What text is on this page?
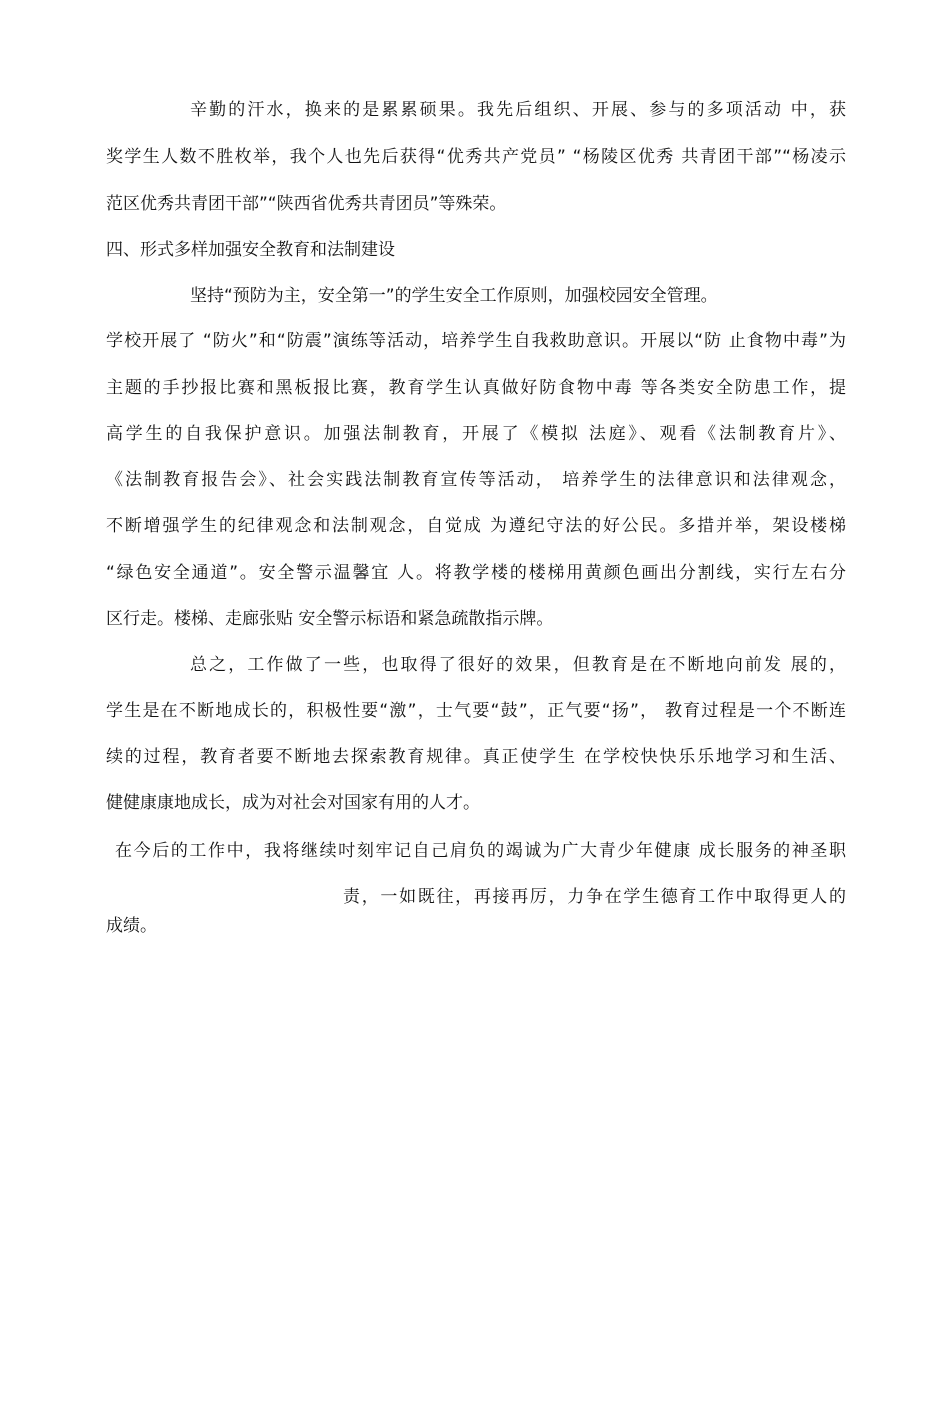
辛勤的汗水，换来的是累累硕果。我先后组织、开展、参与的多项活动 中，获
奖学生人数不胜枚举，我个人也先后获得“优秀共产党员” “杨陵区优秀 共青团干部”“杨凌示
范区优秀共青团干部”“陕西省优秀共青团员”等殊荣。
四、形式多样加强安全教育和法制建设
坚持“预防为主，安全第一”的学生安全工作原则，加强校园安全管理。
学校开展了 “防火”和“防震”演练等活动，培养学生自我救助意识。开展以“防 止食物中毒”为
主题的手抄报比赛和黑板报比赛，教育学生认真做好防食物中毒 等各类安全防患工作，提
高学生的自我保护意识。加强法制教育，开展了《模拟 法庭》、观看《法制教育片》、
《法制教育报告会》、社会实践法制教育宣传等活动， 培养学生的法律意识和法律观念，
不断增强学生的纪律观念和法制观念，自觉成 为遵纪守法的好公民。多措并举，架设楼梯
“绿色安全通道”。安全警示温馨宜 人。将教学楼的楼梯用黄颜色画出分割线，实行左右分
区行走。楼梯、走廊张贴 安全警示标语和紧急疏散指示牌。
总之，工作做了一些，也取得了很好的效果，但教育是在不断地向前发 展的，
学生是在不断地成长的，积极性要“激”，士气要“鼓”，正气要“扬”， 教育过程是一个不断连
续的过程，教育者要不断地去探索教育规律。真正使学生 在学校快快乐乐地学习和生活、
健健康康地成长，成为对社会对国家有用的人才。
在今后的工作中，我将继续吋刻牢记自己肩负的竭诚为广大青少年健康 成长服务的神圣职
责，一如既往，再接再厉，力争在学生德育工作中取得更人的
成绩。
